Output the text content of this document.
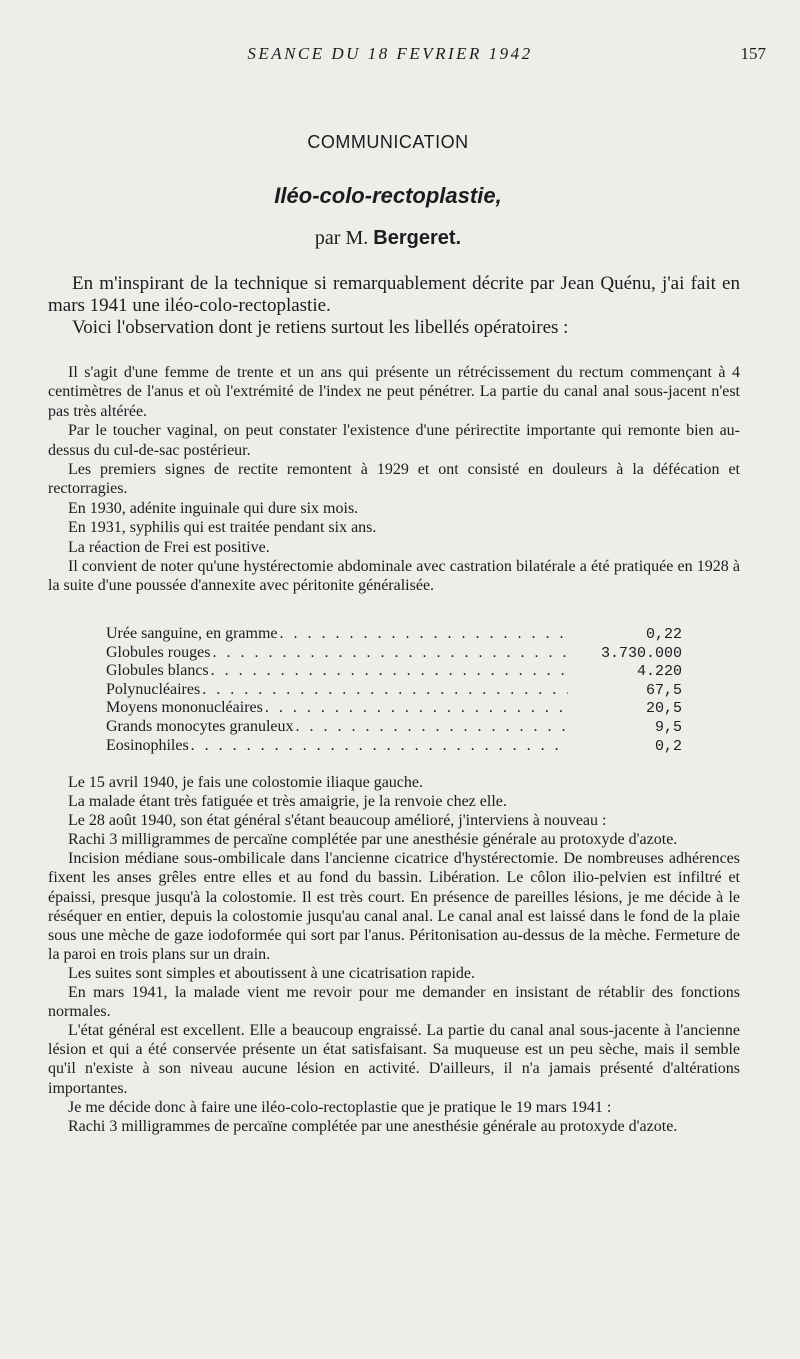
SEANCE DU 18 FEVRIER 1942	157
COMMUNICATION
Iléo-colo-rectoplastie,
par M. Bergeret.

En m'inspirant de la technique si remarquablement décrite par Jean Quénu, j'ai fait en mars 1941 une iléo-colo-rectoplastie.

Voici l'observation dont je retiens surtout les libellés opératoires :

Il s'agit d'une femme de trente et un ans qui présente un rétrécissement du rectum commençant à 4 centimètres de l'anus et où l'extrémité de l'index ne peut pénétrer. La partie du canal anal sous-jacent n'est pas très altérée.

Par le toucher vaginal, on peut constater l'existence d'une périrectite importante qui remonte bien au-dessus du cul-de-sac postérieur.

Les premiers signes de rectite remontent à 1929 et ont consisté en douleurs à la défécation et rectorragies.

En 1930, adénite inguinale qui dure six mois.

En 1931, syphilis qui est traitée pendant six ans.

La réaction de Frei est positive.

Il convient de noter qu'une hystérectomie abdominale avec castration bilatérale a été pratiquée en 1928 à la suite d'une poussée d'annexite avec péritonite généralisée.

Urée sanguine, en gramme . . .	0,22
Globules rouges . . .	3.730.000
Globules blancs . . .	4.220
Polynucléaires . . .	67,5
Moyens mononucléaires . . .	20,5
Grands monocytes granuleux . . .	9,5
Eosinophiles . . .	0,2

Le 15 avril 1940, je fais une colostomie iliaque gauche.

La malade étant très fatiguée et très amaigrie, je la renvoie chez elle.

Le 28 août 1940, son état général s'étant beaucoup amélioré, j'interviens à nouveau :

Rachi 3 milligrammes de percaïne complétée par une anesthésie générale au protoxyde d'azote.

Incision médiane sous-ombilicale dans l'ancienne cicatrice d'hystérectomie. De nombreuses adhérences fixent les anses grêles entre elles et au fond du bassin. Libération. Le côlon ilio-pelvien est infiltré et épaissi, presque jusqu'à la colostomie. Il est très court. En présence de pareilles lésions, je me décide à le réséquer en entier, depuis la colostomie jusqu'au canal anal. Le canal anal est laissé dans le fond de la plaie sous une mèche de gaze iodoformée qui sort par l'anus. Péritonisation au-dessus de la mèche. Fermeture de la paroi en trois plans sur un drain.

Les suites sont simples et aboutissent à une cicatrisation rapide.

En mars 1941, la malade vient me revoir pour me demander en insistant de rétablir des fonctions normales.

L'état général est excellent. Elle a beaucoup engraissé. La partie du canal anal sous-jacente à l'ancienne lésion et qui a été conservée présente un état satisfaisant. Sa muqueuse est un peu sèche, mais il semble qu'il n'existe à son niveau aucune lésion en activité. D'ailleurs, il n'a jamais présenté d'altérations importantes.

Je me décide donc à faire une iléo-colo-rectoplastie que je pratique le 19 mars 1941 :

Rachi 3 milligrammes de percaïne complétée par une anesthésie générale au protoxyde d'azote.
